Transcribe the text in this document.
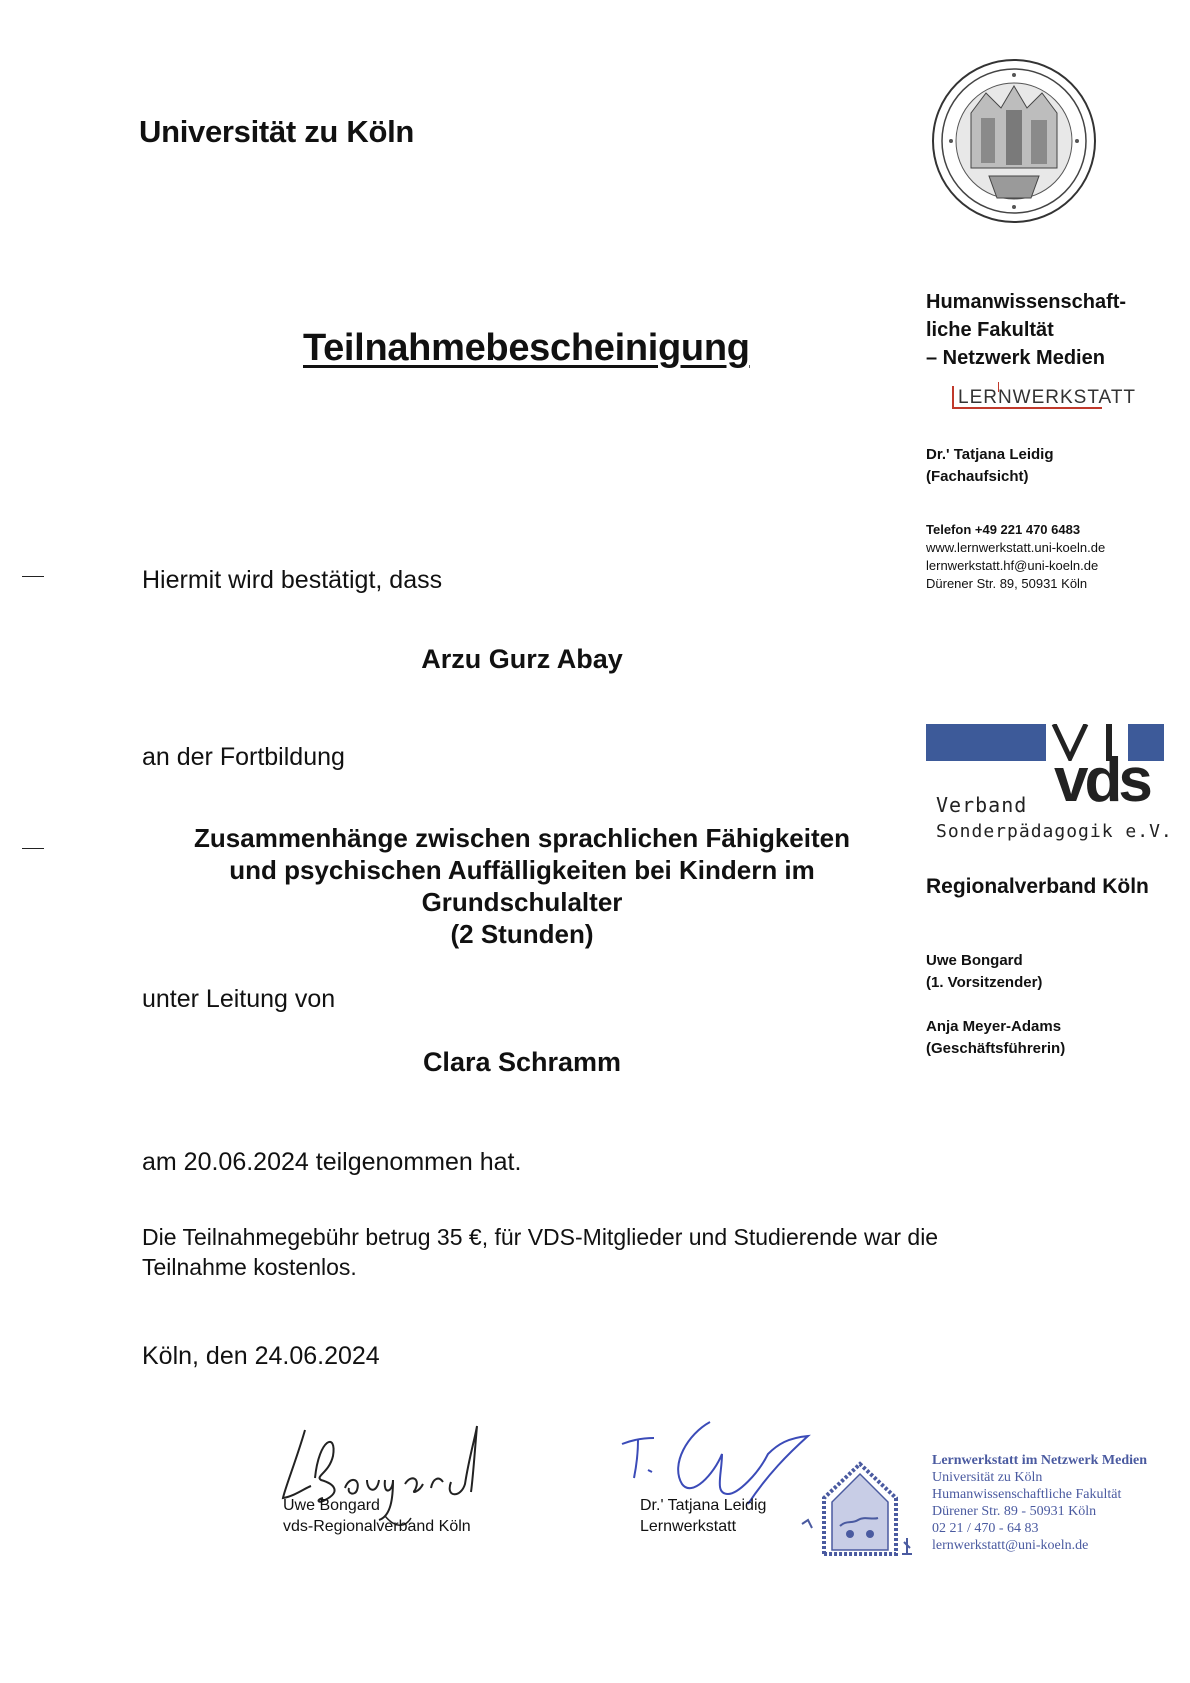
Universität zu Köln
Humanwissenschaft-
liche Fakultät
– Netzwerk Medien
LERNWERKSTATT
Dr.' Tatjana Leidig
(Fachaufsicht)
Telefon +49 221 470 6483
www.lernwerkstatt.uni-koeln.de
lernwerkstatt.hf@uni-koeln.de
Dürener Str. 89, 50931 Köln
vds
Verband
Sonderpädagogik e.V.
Regionalverband Köln
Uwe Bongard
(1. Vorsitzender)
Anja Meyer-Adams
(Geschäftsführerin)
Teilnahmebescheinigung
Hiermit wird bestätigt, dass
Arzu Gurz Abay
an der Fortbildung
Zusammenhänge zwischen sprachlichen Fähigkeiten
und psychischen Auffälligkeiten bei Kindern im
Grundschulalter
(2 Stunden)
unter Leitung von
Clara Schramm
am 20.06.2024 teilgenommen hat.
Die Teilnahmegebühr betrug 35 €, für VDS-Mitglieder und Studierende war die
Teilnahme kostenlos.
Köln, den 24.06.2024
Uwe Bongard
vds-Regionalverband Köln
Dr.' Tatjana Leidig
Lernwerkstatt
Lernwerkstatt im Netzwerk Medien
Universität zu Köln
Humanwissenschaftliche Fakultät
Dürener Str. 89 - 50931 Köln
02 21 / 470 - 64 83
lernwerkstatt@uni-koeln.de
